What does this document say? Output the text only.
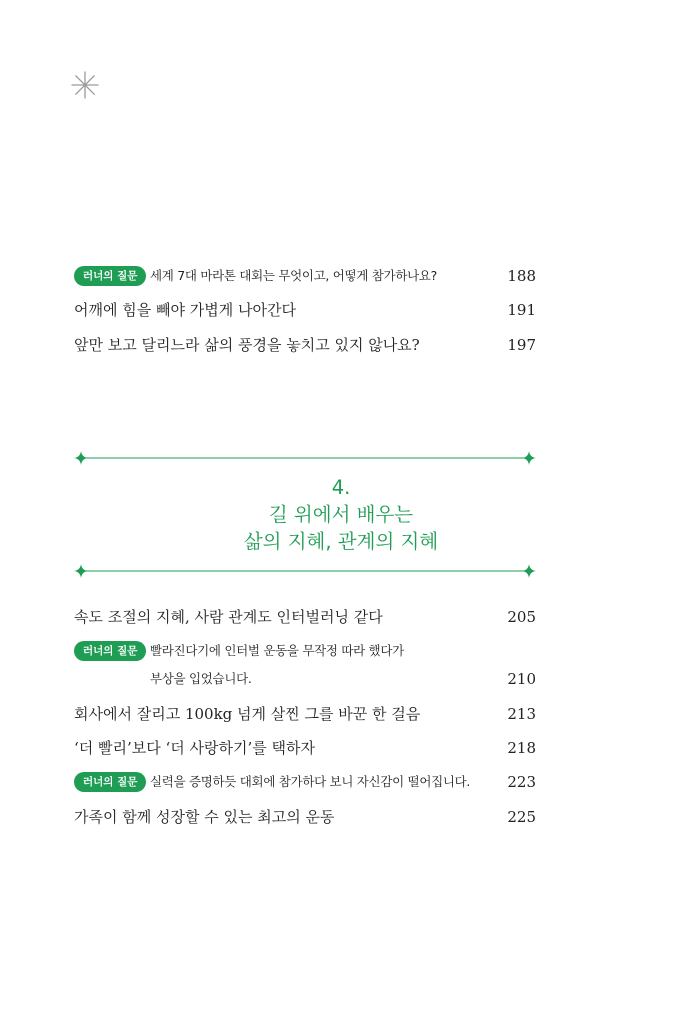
러너의 질문	세계 7대 마라톤 대회는 무엇이고, 어떻게 참가하나요?	188
어깨에 힘을 빼야 가볍게 나아간다	191
앞만 보고 달리느라 삶의 풍경을 놓치고 있지 않나요?	197
4.
길 위에서 배우는
삶의 지혜, 관계의 지혜
속도 조절의 지혜, 사람 관계도 인터벌러닝 같다	205
러너의 질문	빨라진다기에 인터벌 운동을 무작정 따라 했다가
부상을 입었습니다.	210
회사에서 잘리고 100kg 넘게 살찐 그를 바꾼 한 걸음	213
‘더 빨리’보다 ‘더 사랑하기’를 택하자	218
러너의 질문	실력을 증명하듯 대회에 참가하다 보니 자신감이 떨어집니다. 223
가족이 함께 성장할 수 있는 최고의 운동	225
